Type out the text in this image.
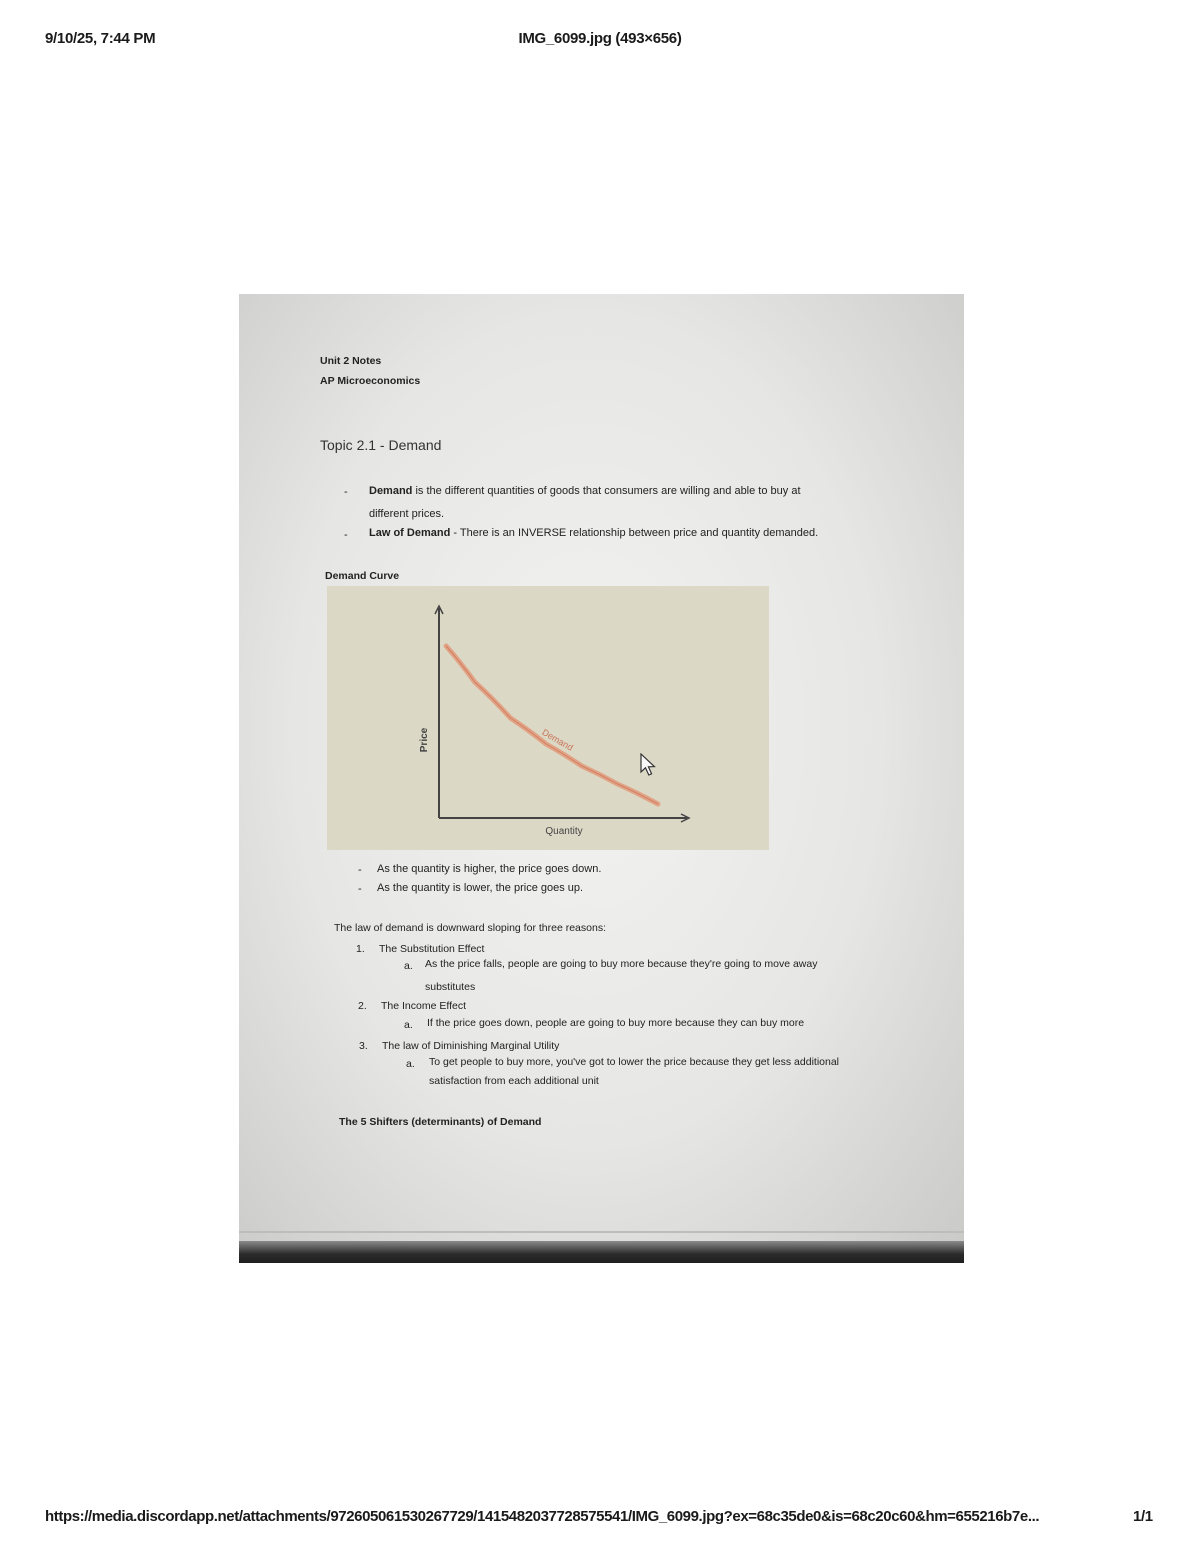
9/10/25, 7:44 PM	IMG_6099.jpg (493×656)
Unit 2 Notes
AP Microeconomics
Topic 2.1 - Demand
- Demand is the different quantities of goods that consumers are willing and able to buy at
different prices.
- Law of Demand - There is an INVERSE relationship between price and quantity demanded.
Demand Curve
Demand
Quantity
Price
- As the quantity is higher, the price goes down.
- As the quantity is lower, the price goes up.
The law of demand is downward sloping for three reasons:
1. The Substitution Effect
a. As the price falls, people are going to buy more because they're going to move away
substitutes
2. The Income Effect
a. If the price goes down, people are going to buy more because they can buy more
3. The law of Diminishing Marginal Utility
a. To get people to buy more, you've got to lower the price because they get less additional
satisfaction from each additional unit
The 5 Shifters (determinants) of Demand
https://media.discordapp.net/attachments/972605061530267729/1415482037728575541/IMG_6099.jpg?ex=68c35de0&is=68c20c60&hm=655216b7e...	1/1
